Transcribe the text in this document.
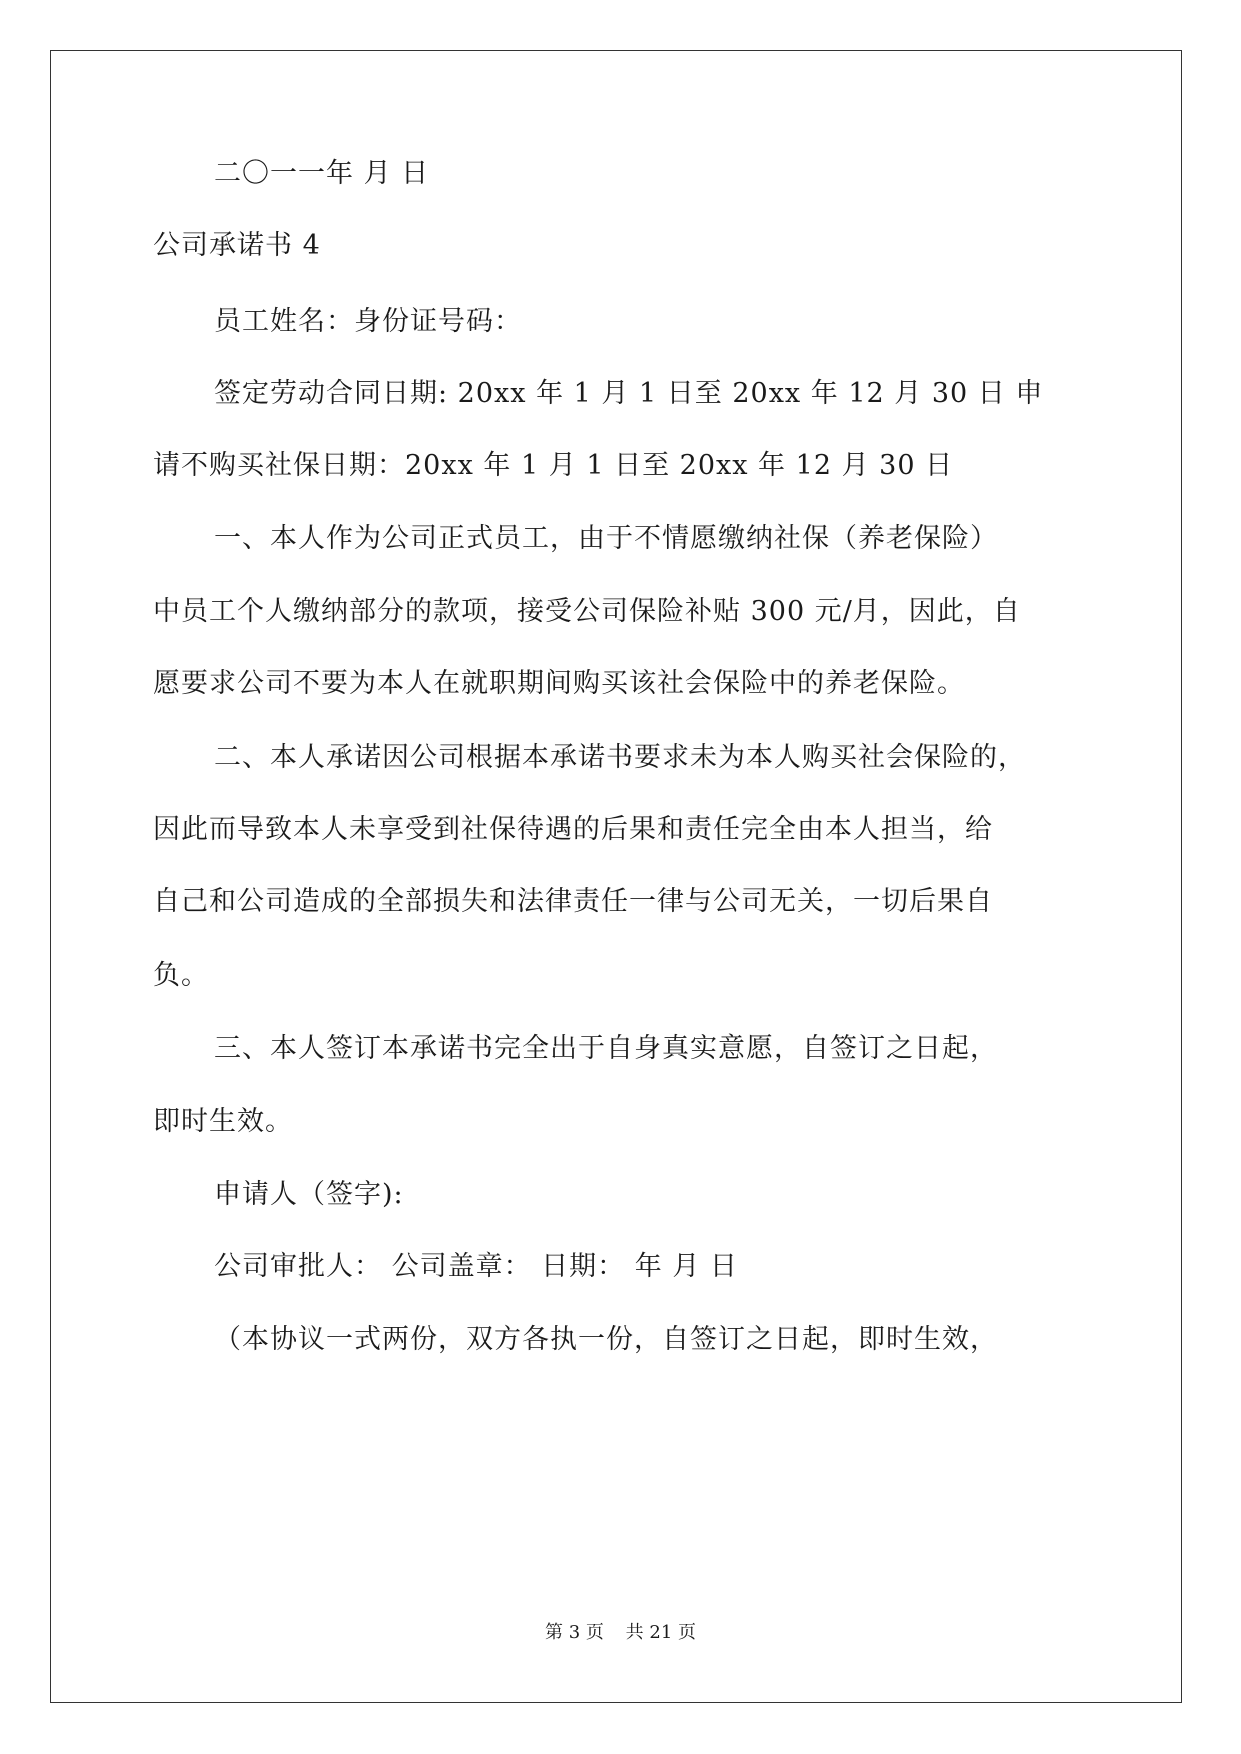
二〇一一年 月 日
公司承诺书 4
员工姓名：身份证号码：
签定劳动合同日期: 20xx 年 1 月 1 日至 20xx 年 12 月 30 日 申
请不购买社保日期：20xx 年 1 月 1 日至 20xx 年 12 月 30 日
一、本人作为公司正式员工，由于不情愿缴纳社保（养老保险）
中员工个人缴纳部分的款项，接受公司保险补贴 300 元/月，因此，自
愿要求公司不要为本人在就职期间购买该社会保险中的养老保险。
二、本人承诺因公司根据本承诺书要求未为本人购买社会保险的，
因此而导致本人未享受到社保待遇的后果和责任完全由本人担当，给
自己和公司造成的全部损失和法律责任一律与公司无关，一切后果自
负。
三、本人签订本承诺书完全出于自身真实意愿，自签订之日起，
即时生效。
申请人（签字):
公司审批人： 公司盖章： 日期： 年 月 日
（本协议一式两份，双方各执一份，自签订之日起，即时生效，
第 3 页 共 21 页
